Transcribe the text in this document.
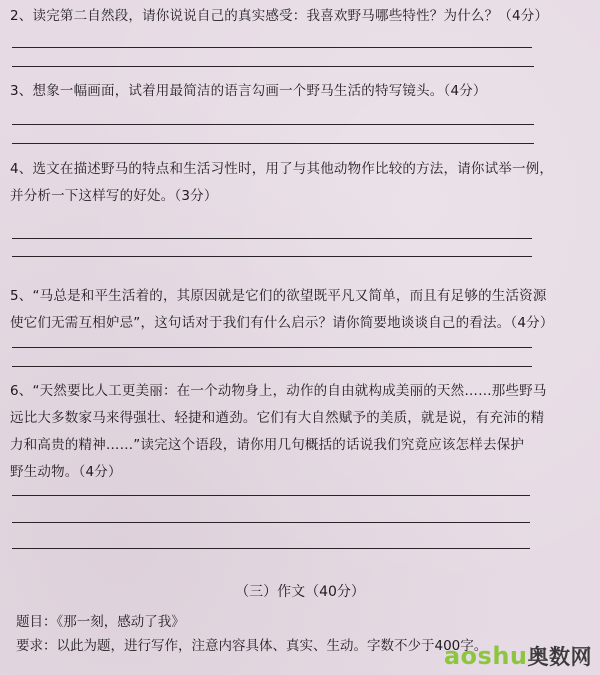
2、读完第二自然段，请你说说自己的真实感受：我喜欢野马哪些特性？为什么？（4分）
3、想象一幅画面，试着用最简洁的语言勾画一个野马生活的特写镜头。（4分）
4、选文在描述野马的特点和生活习性时，用了与其他动物作比较的方法，请你试举一例，
并分析一下这样写的好处。（3分）
5、“马总是和平生活着的，其原因就是它们的欲望既平凡又简单，而且有足够的生活资源
使它们无需互相妒忌”，这句话对于我们有什么启示？请你简要地谈谈自己的看法。（4分）
6、“天然要比人工更美丽：在一个动物身上，动作的自由就构成美丽的天然……那些野马
远比大多数家马来得强壮、轻捷和遒劲。它们有大自然赋予的美质，就是说，有充沛的精
力和高贵的精神……”读完这个语段，请你用几句概括的话说我们究竟应该怎样去保护
野生动物。（4分）
（三）作文（40分）
题目：《那一刻，感动了我》
要求：以此为题，进行写作，注意内容具体、真实、生动。字数不少于400字。
aoshu奥数网
